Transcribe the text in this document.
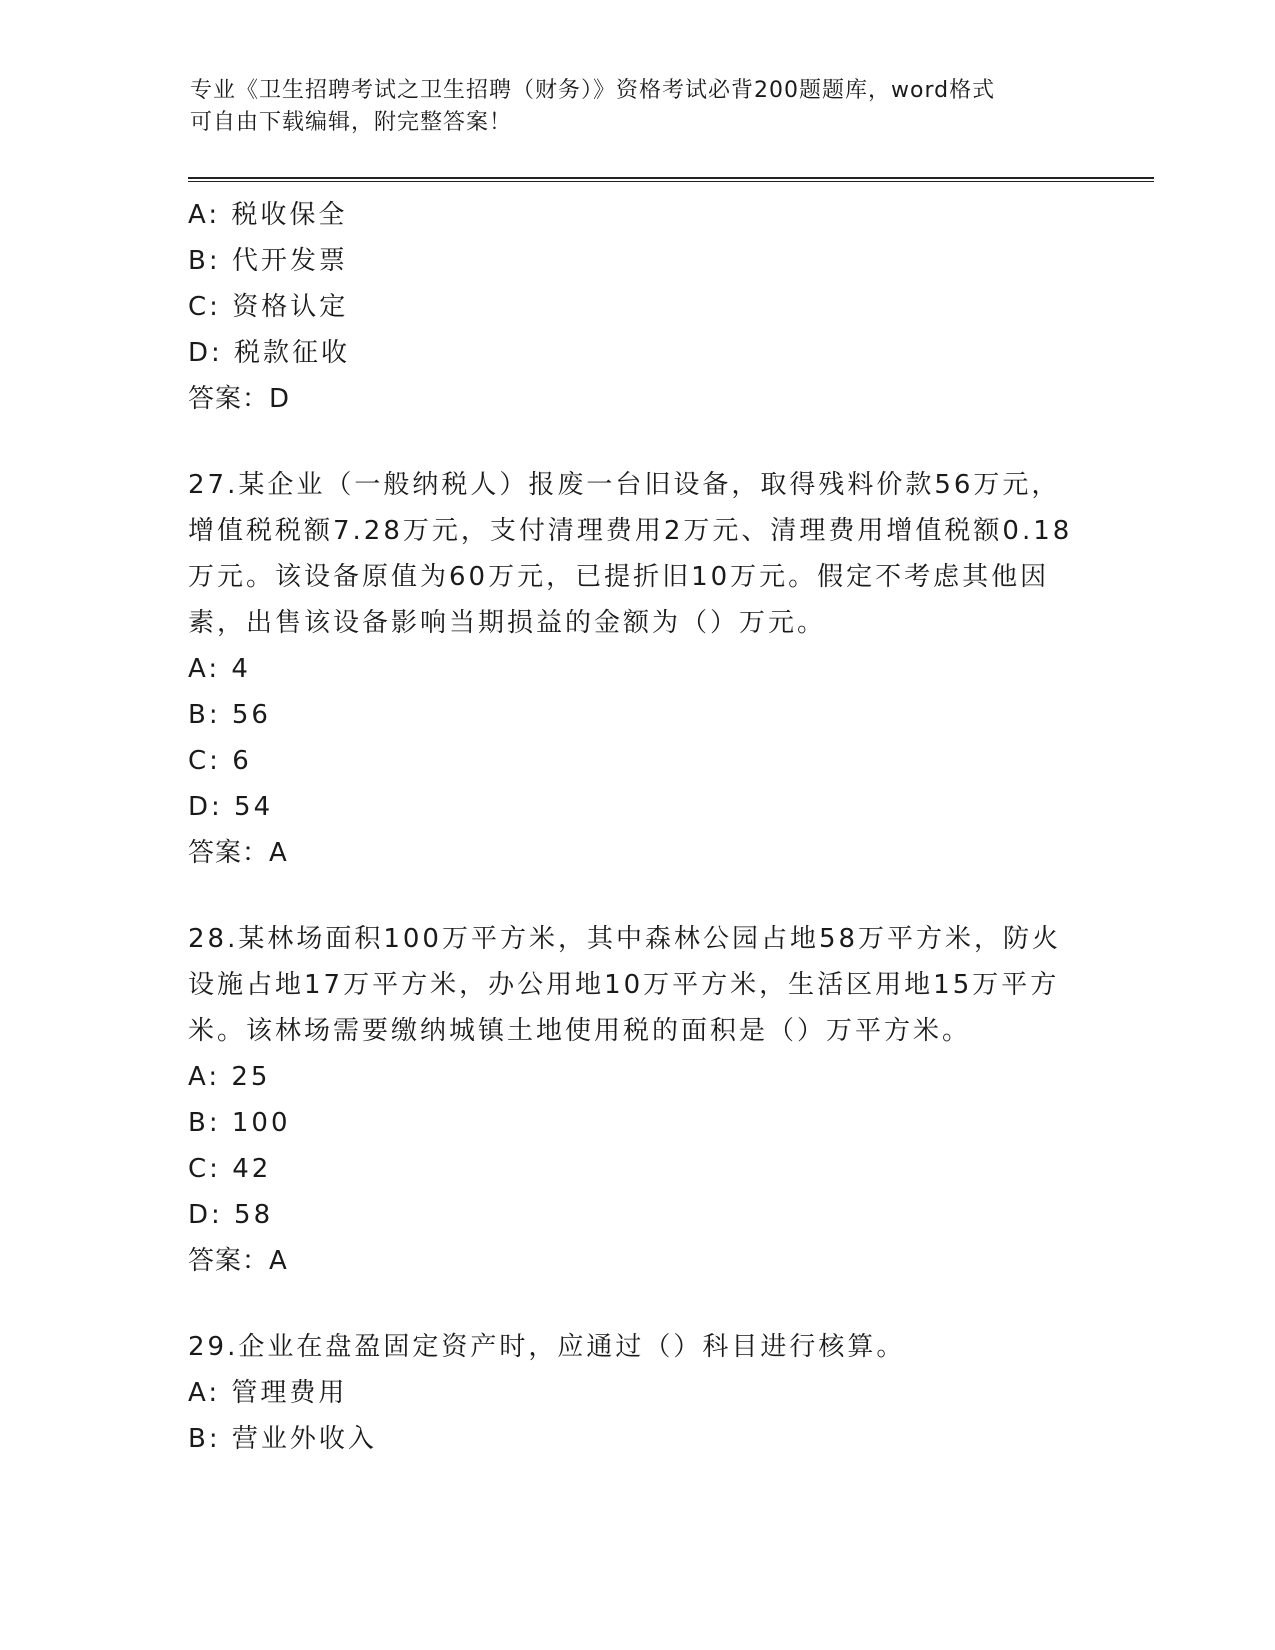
专业《卫生招聘考试之卫生招聘（财务）》资格考试必背200题题库，word格式
可自由下载编辑，附完整答案！
A: 税收保全
B: 代开发票
C: 资格认定
D: 税款征收
答案：D
27.某企业（一般纳税人）报废一台旧设备，取得残料价款56万元，
增值税税额7.28万元，支付清理费用2万元、清理费用增值税额0.18
万元。该设备原值为60万元，已提折旧10万元。假定不考虑其他因
素，出售该设备影响当期损益的金额为（）万元。
A: 4
B: 56
C: 6
D: 54
答案：A
28.某林场面积100万平方米，其中森林公园占地58万平方米，防火
设施占地17万平方米，办公用地10万平方米，生活区用地15万平方
米。该林场需要缴纳城镇土地使用税的面积是（）万平方米。
A: 25
B: 100
C: 42
D: 58
答案：A
29.企业在盘盈固定资产时，应通过（）科目进行核算。
A: 管理费用
B: 营业外收入
